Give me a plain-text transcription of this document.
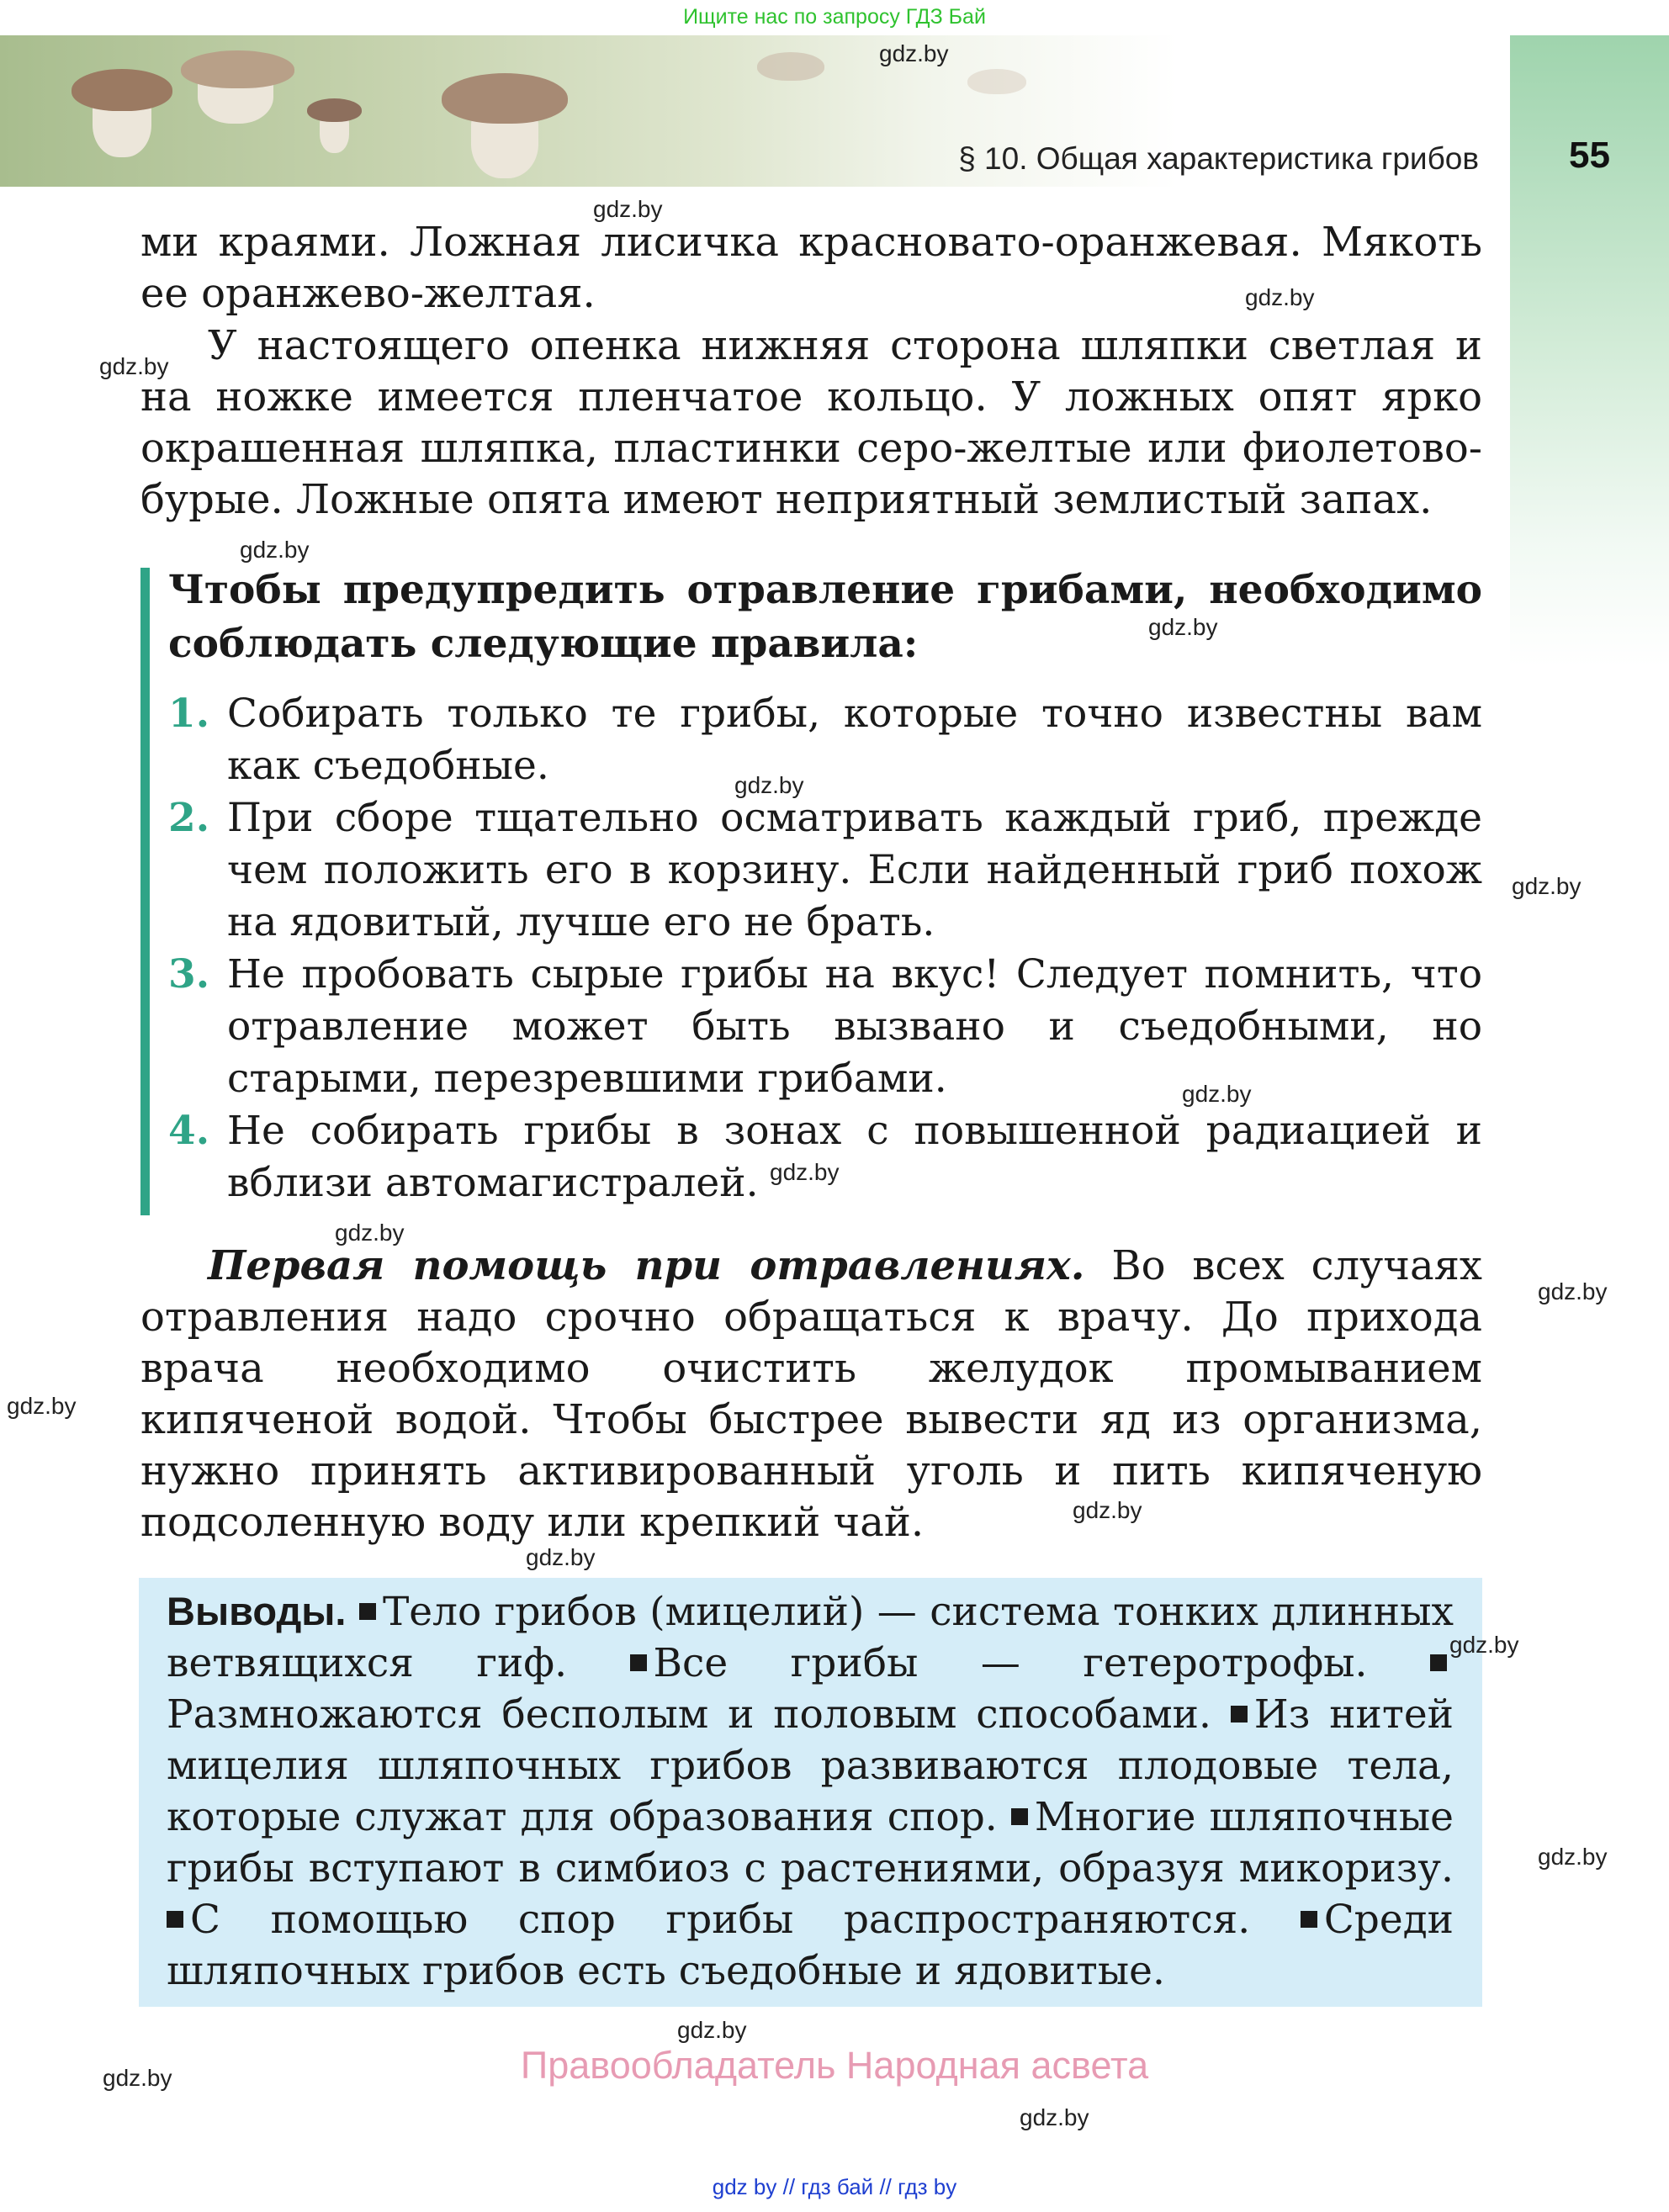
Ищите нас по запросу ГДЗ Бай
§ 10. Общая характеристика грибов	55

ми краями. Ложная лисичка красновато-оранжевая. Мякоть ее оранжево-желтая.

У настоящего опенка нижняя сторона шляпки светлая и на ножке имеется пленчатое кольцо. У ложных опят ярко окрашенная шляпка, пластинки серо-желтые или фиолетово-бурые. Ложные опята имеют неприятный землистый запах.

Чтобы предупредить отравление грибами, необходимо соблюдать следующие правила:

1. Собирать только те грибы, которые точно известны вам как съедобные.
2. При сборе тщательно осматривать каждый гриб, прежде чем положить его в корзину. Если найденный гриб похож на ядовитый, лучше его не брать.
3. Не пробовать сырые грибы на вкус! Следует помнить, что отравление может быть вызвано и съедобными, но старыми, перезревшими грибами.
4. Не собирать грибы в зонах с повышенной радиацией и вблизи автомагистралей.

Первая помощь при отравлениях. Во всех случаях отравления надо срочно обращаться к врачу. До прихода врача необходимо очистить желудок промыванием кипяченой водой. Чтобы быстрее вывести яд из организма, нужно принять активированный уголь и пить кипяченую подсоленную воду или крепкий чай.

Выводы. Тело грибов (мицелий) — система тонких длинных ветвящихся гиф. Все грибы — гетеротрофы. Размножаются бесполым и половым способами. Из нитей мицелия шляпочных грибов развиваются плодовые тела, которые служат для образования спор. Многие шляпочные грибы вступают в симбиоз с растениями, образуя микоризу. С помощью спор грибы распространяются. Среди шляпочных грибов есть съедобные и ядовитые.

Правообладатель Народная асвета
gdz.by
gdz.by
gdz.by
gdz.by
gdz.by
gdz.by
gdz.by
gdz.by
gdz.by
gdz.by
gdz.by
gdz.by
gdz.by
gdz.by
gdz.by
gdz.by
gdz.by
gdz.by
gdz.by
gdz.by
gdz by // гдз бай // гдз by
